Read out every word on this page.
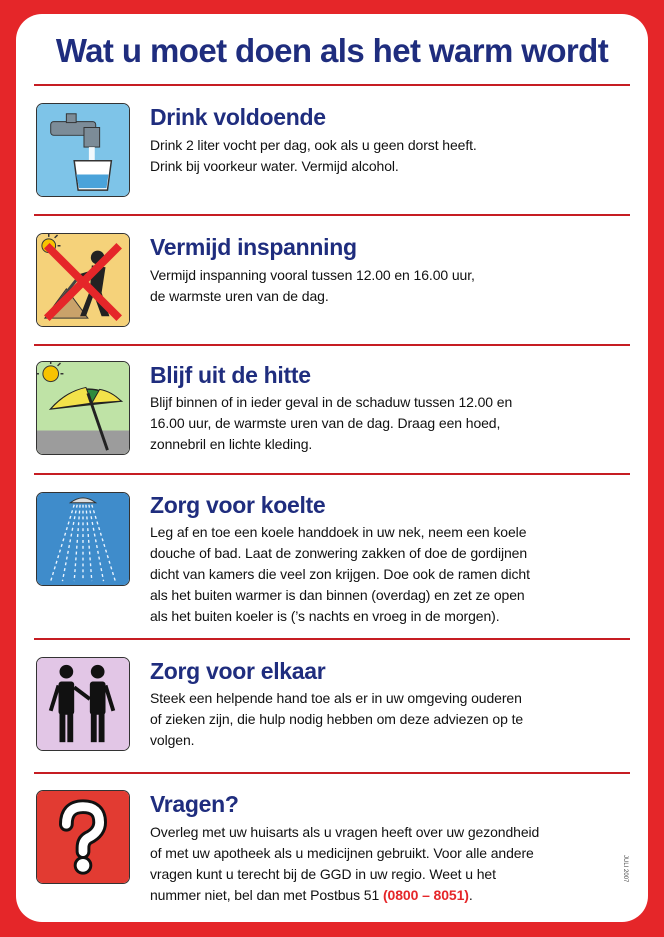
Wat u moet doen als het warm wordt
Drink voldoende
Drink 2 liter vocht per dag, ook als u geen dorst heeft.
Drink bij voorkeur water. Vermijd alcohol.
Vermijd inspanning
Vermijd inspanning vooral tussen 12.00 en 16.00 uur,
de warmste uren van de dag.
Blijf uit de hitte
Blijf binnen of in ieder geval in de schaduw tussen 12.00 en
16.00 uur, de warmste uren van de dag. Draag een hoed,
zonnebril en lichte kleding.
Zorg voor koelte
Leg af en toe een koele handdoek in uw nek, neem een koele
douche of bad. Laat de zonwering zakken of doe de gordijnen
dicht van kamers die veel zon krijgen. Doe ook de ramen dicht
als het buiten warmer is dan binnen (overdag) en zet ze open
als het buiten koeler is (’s nachts en vroeg in de morgen).
Zorg voor elkaar
Steek een helpende hand toe als er in uw omgeving ouderen
of zieken zijn, die hulp nodig hebben om deze adviezen op te
volgen.
Vragen?
Overleg met uw huisarts als u vragen heeft over uw gezondheid
of met uw apotheek als u medicijnen gebruikt. Voor alle andere
vragen kunt u terecht bij de GGD in uw regio. Weet u het
nummer niet, bel dan met Postbus 51 (0800 – 8051).
JULI 2007
